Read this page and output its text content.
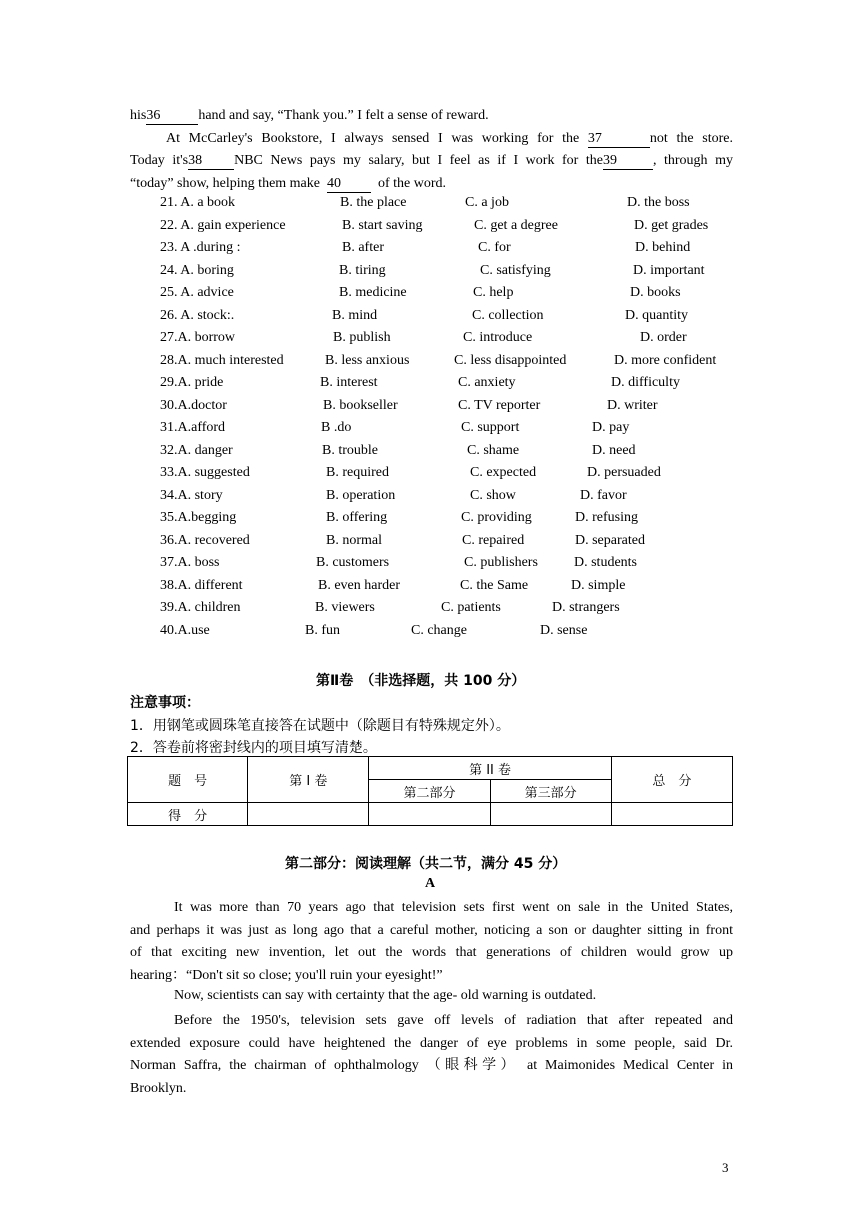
his36	hand and say, “Thank you.” I felt a sense of reward.
At McCarley's Bookstore, I always sensed I was working for the 37	not the store.
Today it's38 NBC News pays my salary, but I feel as if I work for the39	, through my
“today” show, helping them make 40	of the word.
21. A. a book	B. the place	C. a job	D. the boss
22. A. gain experience	B. start saving	C. get a degree	D. get grades
23. A .during :	B. after	C. for	D. behind
24. A. boring	B. tiring	C. satisfying	D. important
25. A. advice	B. medicine	C. help	D. books
26. A. stock:.	B. mind	C. collection	D. quantity
27.A. borrow	B. publish	C. introduce	D. order
28.A. much interested	B. less anxious	C. less disappointed	D. more confident
29.A. pride	B. interest	C. anxiety	D. difficulty
30.A.doctor	B. bookseller	C. TV reporter	D. writer
31.A.afford	B .do	C. support	D. pay
32.A. danger	B. trouble	C. shame	D. need
33.A. suggested	B. required	C. expected	D. persuaded
34.A. story	B. operation	C. show	D. favor
35.A.begging	B. offering	C. providing	D. refusing
36.A. recovered	B. normal	C. repaired	D. separated
37.A. boss	B. customers	C. publishers	D. students
38.A. different	B. even harder	C. the Same	D. simple
39.A. children	B. viewers	C. patients	D. strangers
40.A.use	B. fun	C. change	D. sense
第Ⅱ卷　（非选择题，共 100 分）
注意事项：
1．用钢笔或圆珠笔直接答在试题中（除题目有特殊规定外）。
2．答卷前将密封线内的项目填写清楚。
题　号	第 I 卷	第 II 卷		总　分
		第二部分	第三部分	
得　分				
第二部分：阅读理解（共二节，满分 45 分）
A
It was more than 70 years ago that television sets first went on sale in the United States,
and perhaps it was just as long ago that a careful mother, noticing a son or daughter sitting in front
of that exciting new invention, let out the words that generations of children would grow up
hearing：“Don't sit so close; you'll ruin your eyesight!”
Now, scientists can say with certainty that the age- old warning is outdated.
Before the 1950's, television sets gave off levels of radiation that after repeated and
extended exposure could have heightened the danger of eye problems in some people, said Dr.
Norman Saffra, the chairman of ophthalmology （眼科学） at Maimonides Medical Center in
Brooklyn.
3
